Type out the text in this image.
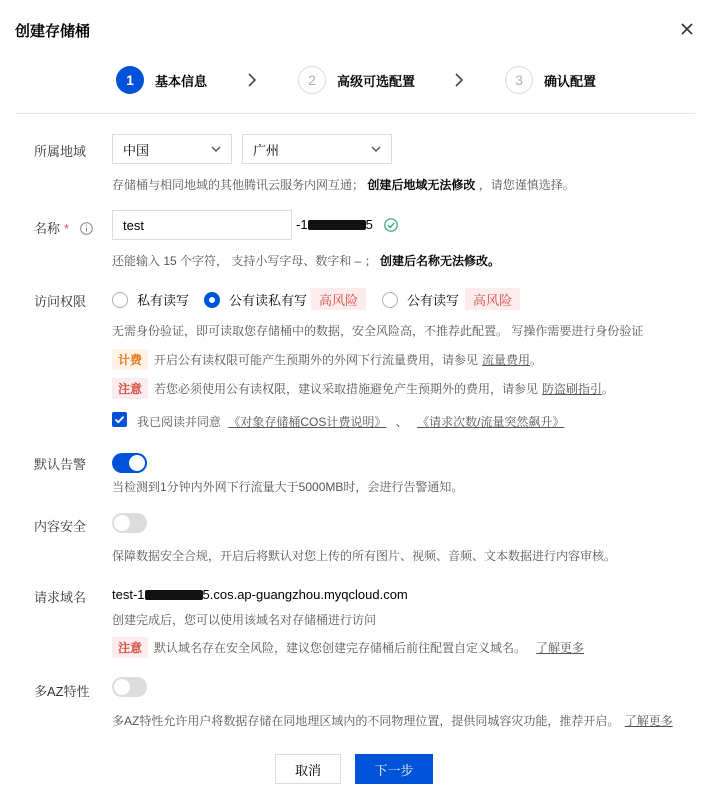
创建存储桶
1	基本信息	2	高级可选配置	3	确认配置
所属地域	中国	广州
存储桶与相同地域的其他腾讯云服务内网互通； 创建后地域无法修改 ，请您谨慎选择。
名称 *	test	-1	5
还能输入 15 个字符， 支持小写字母、数字和 – ； 创建后名称无法修改。
访问权限	私有读写	公有读私有写 高风险	公有读写	高风险
无需身份验证，即可读取您存储桶中的数据，安全风险高，不推荐此配置。 写操作需要进行身份验证
计费	开启公有读权限可能产生预期外的外网下行流量费用，请参见 流量费用 。
注意	若您必须使用公有读权限，建议采取措施避免产生预期外的费用，请参见 防盗刷指引 。
我已阅读并同意 《对象存储桶COS计费说明》 、 《请求次数/流量突然飙升》
默认告警
当检测到1分钟内外网下行流量大于5000MB时，会进行告警通知。
内容安全
保障数据安全合规，开启后将默认对您上传的所有图片、视频、音频、文本数据进行内容审核。
请求域名 test-1	5.cos.ap-guangzhou.myqcloud.com
创建完成后，您可以使用该域名对存储桶进行访问
注意	默认域名存在安全风险，建议您创建完存储桶后前往配置自定义域名。 了解更多
多AZ特性
多AZ特性允许用户将数据存储在同地理区域内的不同物理位置，提供同城容灾功能，推荐开启。 了解更多
取消	下一步
